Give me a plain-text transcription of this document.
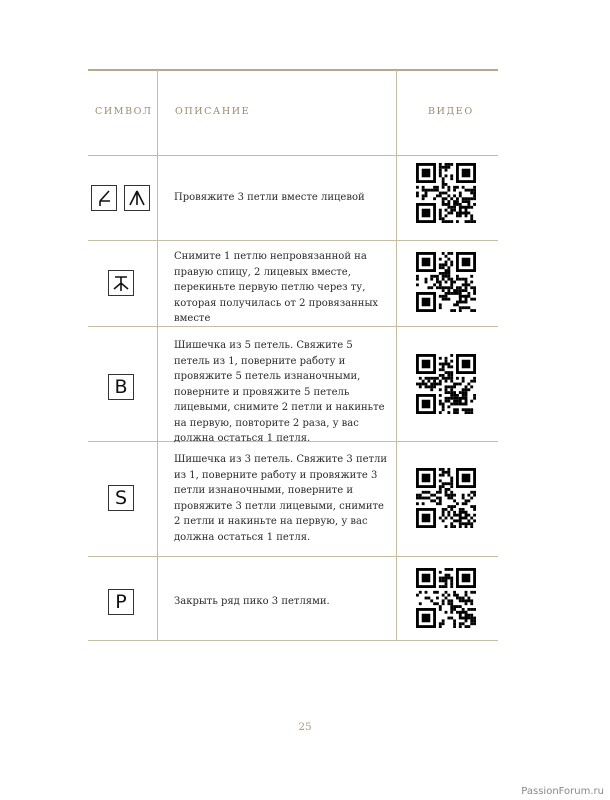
СИМВОЛ ОПИСАНИЕ	ВИДЕО
Провяжите 3 петли вместе лицевой
Снимите 1 петлю непровязанной на правую спицу, 2 лицевых вместе, перекиньте первую петлю через ту, которая получилась от 2 провязанных вместе
B
Шишечка из 5 петель. Свяжите 5 петель из 1, поверните работу и провяжите 5 петель изнаночными, поверните и провяжите 5 петель лицевыми, снимите 2 петли и накиньте на первую, повторите 2 раза, у вас должна остаться 1 петля.
S
Шишечка из 3 петель. Свяжите 3 петли из 1, поверните работу и провяжите 3 петли изнаночными, поверните и провяжите 3 петли лицевыми, снимите 2 петли и накиньте на первую, у вас должна остаться 1 петля.
P	Закрыть ряд пико 3 петлями.
25
PassionForum.ru
